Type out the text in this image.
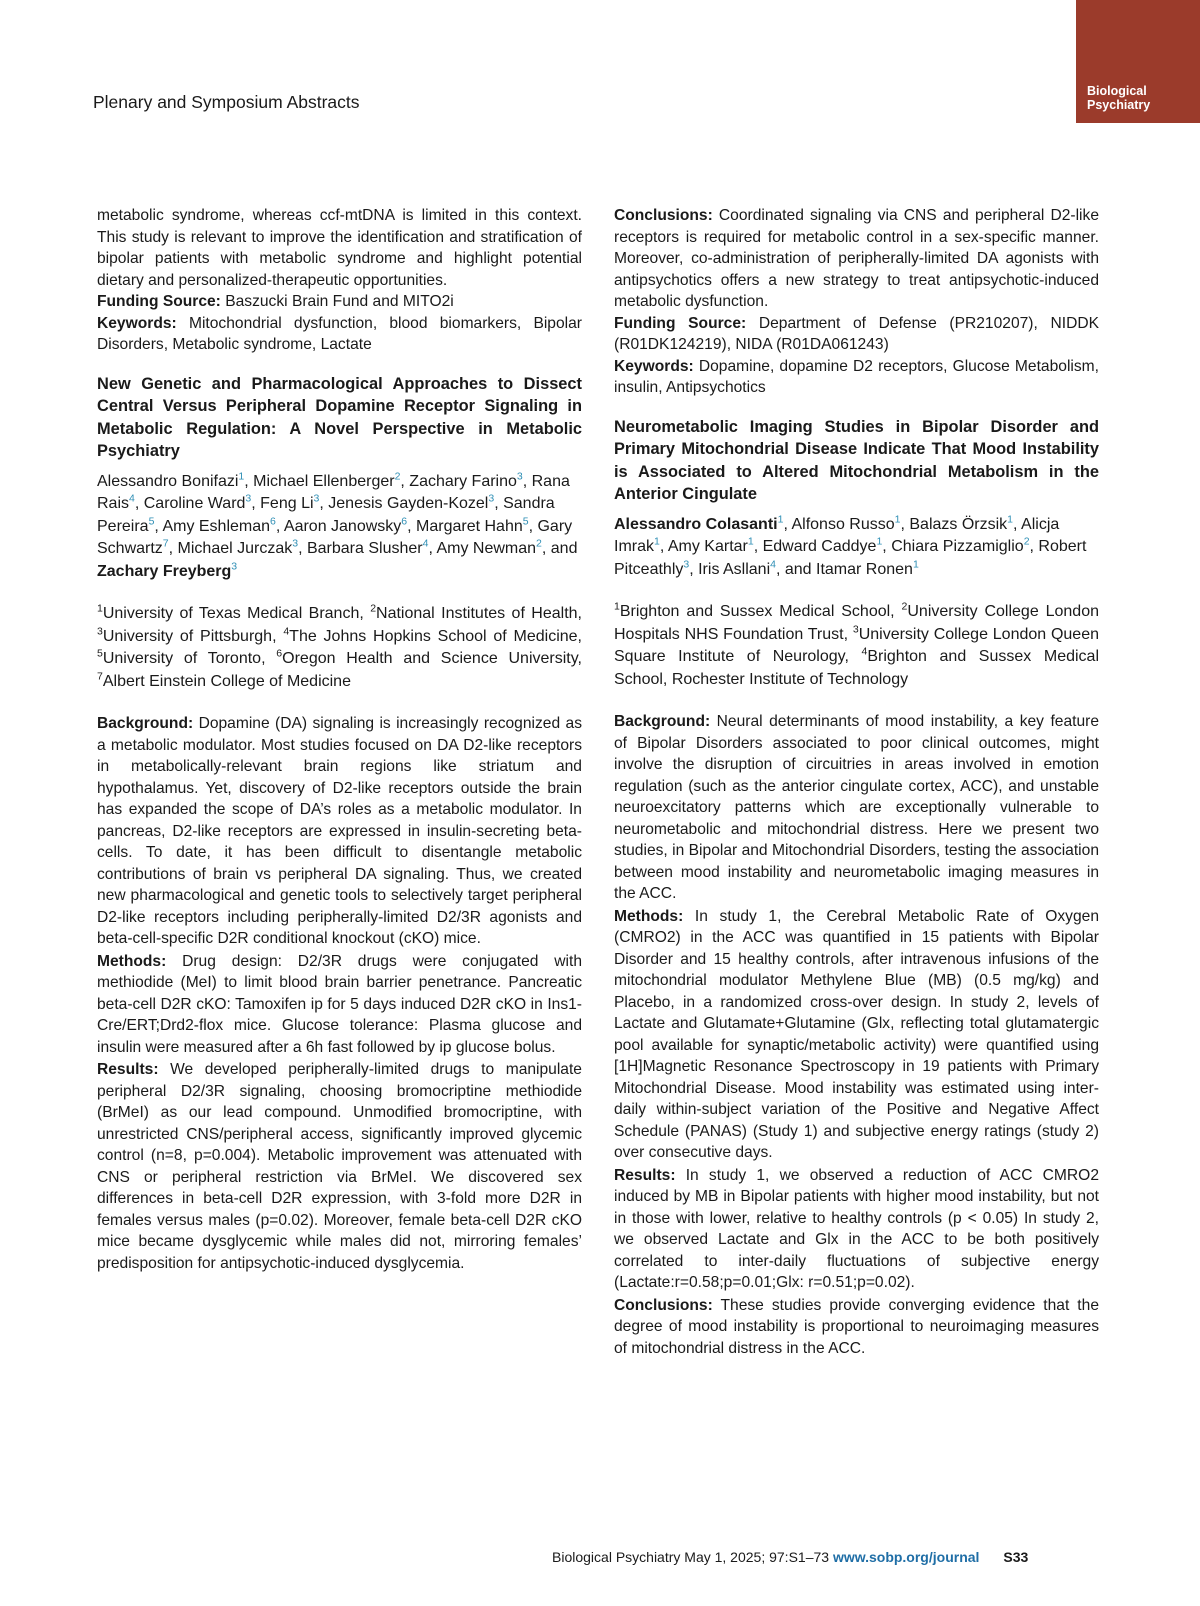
Biological
Psychiatry
Plenary and Symposium Abstracts

metabolic syndrome, whereas ccf-mtDNA is limited in this context. This study is relevant to improve the identification and stratification of bipolar patients with metabolic syndrome and highlight potential dietary and personalized-therapeutic opportunities.

Funding Source: Baszucki Brain Fund and MITO2i

Keywords: Mitochondrial dysfunction, blood biomarkers, Bipolar Disorders, Metabolic syndrome, Lactate

New Genetic and Pharmacological Approaches to Dissect Central Versus Peripheral Dopamine Receptor Signaling in Metabolic Regulation: A Novel Perspective in Metabolic Psychiatry
Alessandro Bonifazi$^1$, Michael Ellenberger$^2$, Zachary Farino$^3$, Rana Rais$^4$, Caroline Ward$^3$, Feng Li$^3$, Jenesis Gayden-Kozel$^3$, Sandra Pereira$^5$, Amy Eshleman$^6$, Aaron Janowsky$^6$, Margaret Hahn$^5$, Gary Schwartz$^7$, Michael Jurczak$^3$, Barbara Slusher$^4$, Amy Newman$^2$, and Zachary Freyberg$^3$
$^1$University of Texas Medical Branch, $^2$National Institutes of Health, $^3$University of Pittsburgh, $^4$The Johns Hopkins School of Medicine, $^5$University of Toronto, $^6$Oregon Health and Science University, $^7$Albert Einstein College of Medicine

Background: Dopamine (DA) signaling is increasingly recognized as a metabolic modulator. Most studies focused on DA D2-like receptors in metabolically-relevant brain regions like striatum and hypothalamus. Yet, discovery of D2-like receptors outside the brain has expanded the scope of DA’s roles as a metabolic modulator. In pancreas, D2-like receptors are expressed in insulin-secreting beta-cells. To date, it has been difficult to disentangle metabolic contributions of brain vs peripheral DA signaling. Thus, we created new pharmacological and genetic tools to selectively target peripheral D2-like receptors including peripherally-limited D2/3R agonists and beta-cell-specific D2R conditional knockout (cKO) mice.

Methods: Drug design: D2/3R drugs were conjugated with methiodide (MeI) to limit blood brain barrier penetrance. Pancreatic beta-cell D2R cKO: Tamoxifen ip for 5 days induced D2R cKO in Ins1-Cre/ERT;Drd2-flox mice. Glucose tolerance: Plasma glucose and insulin were measured after a 6h fast followed by ip glucose bolus.

Results: We developed peripherally-limited drugs to manipulate peripheral D2/3R signaling, choosing bromocriptine methiodide (BrMeI) as our lead compound. Unmodified bromocriptine, with unrestricted CNS/peripheral access, significantly improved glycemic control (n=8, p=0.004). Metabolic improvement was attenuated with CNS or peripheral restriction via BrMeI. We discovered sex differences in beta-cell D2R expression, with 3-fold more D2R in females versus males (p=0.02). Moreover, female beta-cell D2R cKO mice became dysglycemic while males did not, mirroring females’ predisposition for antipsychotic-induced dysglycemia.

Conclusions: Coordinated signaling via CNS and peripheral D2-like receptors is required for metabolic control in a sex-specific manner. Moreover, co-administration of peripherally-limited DA agonists with antipsychotics offers a new strategy to treat antipsychotic-induced metabolic dysfunction.

Funding Source: Department of Defense (PR210207), NIDDK (R01DK124219), NIDA (R01DA061243)

Keywords: Dopamine, dopamine D2 receptors, Glucose Metabolism, insulin, Antipsychotics

Neurometabolic Imaging Studies in Bipolar Disorder and Primary Mitochondrial Disease Indicate That Mood Instability is Associated to Altered Mitochondrial Metabolism in the Anterior Cingulate
Alessandro Colasanti$^1$, Alfonso Russo$^1$, Balazs Örzsik$^1$, Alicja Imrak$^1$, Amy Kartar$^1$, Edward Caddye$^1$, Chiara Pizzamiglio$^2$, Robert Pitceathly$^3$, Iris Asllani$^4$, and Itamar Ronen$^1$
$^1$Brighton and Sussex Medical School, $^2$University College London Hospitals NHS Foundation Trust, $^3$University College London Queen Square Institute of Neurology, $^4$Brighton and Sussex Medical School, Rochester Institute of Technology

Background: Neural determinants of mood instability, a key feature of Bipolar Disorders associated to poor clinical outcomes, might involve the disruption of circuitries in areas involved in emotion regulation (such as the anterior cingulate cortex, ACC), and unstable neuroexcitatory patterns which are exceptionally vulnerable to neurometabolic and mitochondrial distress. Here we present two studies, in Bipolar and Mitochondrial Disorders, testing the association between mood instability and neurometabolic imaging measures in the ACC.

Methods: In study 1, the Cerebral Metabolic Rate of Oxygen (CMRO2) in the ACC was quantified in 15 patients with Bipolar Disorder and 15 healthy controls, after intravenous infusions of the mitochondrial modulator Methylene Blue (MB) (0.5 mg/kg) and Placebo, in a randomized cross-over design. In study 2, levels of Lactate and Glutamate+Glutamine (Glx, reflecting total glutamatergic pool available for synaptic/metabolic activity) were quantified using [1H]Magnetic Resonance Spectroscopy in 19 patients with Primary Mitochondrial Disease. Mood instability was estimated using inter-daily within-subject variation of the Positive and Negative Affect Schedule (PANAS) (Study 1) and subjective energy ratings (study 2) over consecutive days.

Results: In study 1, we observed a reduction of ACC CMRO2 induced by MB in Bipolar patients with higher mood instability, but not in those with lower, relative to healthy controls (p < 0.05) In study 2, we observed Lactate and Glx in the ACC to be both positively correlated to inter-daily fluctuations of subjective energy (Lactate:r=0.58;p=0.01;Glx: r=0.51;p=0.02).

Conclusions: These studies provide converging evidence that the degree of mood instability is proportional to neuroimaging measures of mitochondrial distress in the ACC.

Biological Psychiatry May 1, 2025; 97:S1–73 www.sobp.org/journal S33
